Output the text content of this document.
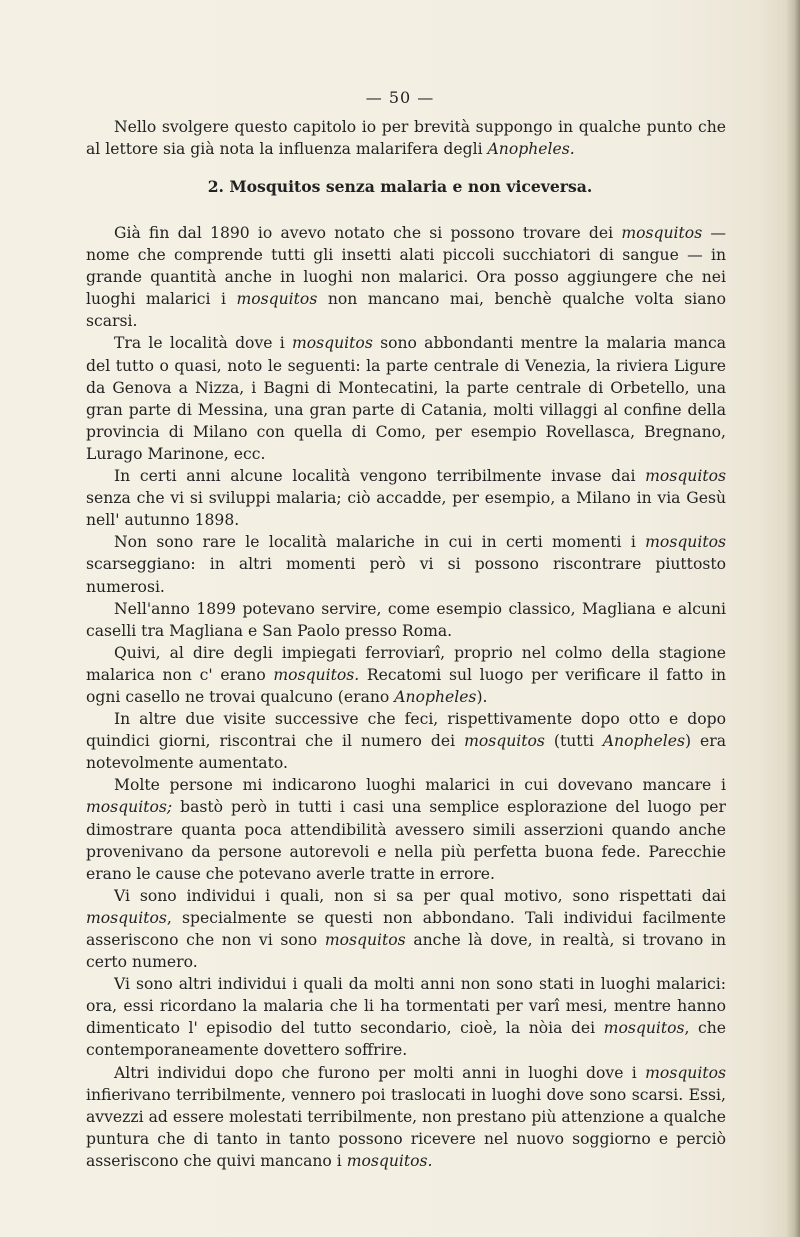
— 50 —

Nello svolgere questo capitolo io per brevità suppongo in qualche punto che al lettore sia già nota la influenza malarifera degli Anopheles.

2. Mosquitos senza malaria e non viceversa.

Già fin dal 1890 io avevo notato che si possono trovare dei mosquitos — nome che comprende tutti gli insetti alati piccoli succhiatori di sangue — in grande quantità anche in luoghi non malarici. Ora posso aggiungere che nei luoghi malarici i mosquitos non mancano mai, benchè qualche volta siano scarsi.

Tra le località dove i mosquitos sono abbondanti mentre la malaria manca del tutto o quasi, noto le seguenti: la parte centrale di Venezia, la riviera Ligure da Genova a Nizza, i Bagni di Montecatini, la parte centrale di Orbetello, una gran parte di Messina, una gran parte di Catania, molti villaggi al confine della provincia di Milano con quella di Como, per esempio Rovellasca, Bregnano, Lurago Marinone, ecc.

In certi anni alcune località vengono terribilmente invase dai mosquitos senza che vi si sviluppi malaria; ciò accadde, per esempio, a Milano in via Gesù nell' autunno 1898.

Non sono rare le località malariche in cui in certi momenti i mosquitos scarseggiano: in altri momenti però vi si possono riscontrare piuttosto numerosi.

Nell'anno 1899 potevano servire, come esempio classico, Magliana e alcuni caselli tra Magliana e San Paolo presso Roma.

Quivi, al dire degli impiegati ferroviarî, proprio nel colmo della stagione malarica non c' erano mosquitos. Recatomi sul luogo per verificare il fatto in ogni casello ne trovai qualcuno (erano Anopheles).

In altre due visite successive che feci, rispettivamente dopo otto e dopo quindici giorni, riscontrai che il numero dei mosquitos (tutti Anopheles) era notevolmente aumentato.

Molte persone mi indicarono luoghi malarici in cui dovevano mancare i mosquitos; bastò però in tutti i casi una semplice esplorazione del luogo per dimostrare quanta poca attendibilità avessero simili asserzioni quando anche provenivano da persone autorevoli e nella più perfetta buona fede. Parecchie erano le cause che potevano averle tratte in errore.

Vi sono individui i quali, non si sa per qual motivo, sono rispettati dai mosquitos, specialmente se questi non abbondano. Tali individui facilmente asseriscono che non vi sono mosquitos anche là dove, in realtà, si trovano in certo numero.

Vi sono altri individui i quali da molti anni non sono stati in luoghi malarici: ora, essi ricordano la malaria che li ha tormentati per varî mesi, mentre hanno dimenticato l' episodio del tutto secondario, cioè, la nòia dei mosquitos, che contemporaneamente dovettero soffrire.

Altri individui dopo che furono per molti anni in luoghi dove i mosquitos infierivano terribilmente, vennero poi traslocati in luoghi dove sono scarsi. Essi, avvezzi ad essere molestati terribilmente, non prestano più attenzione a qualche puntura che di tanto in tanto possono ricevere nel nuovo soggiorno e perciò asseriscono che quivi mancano i mosquitos.
